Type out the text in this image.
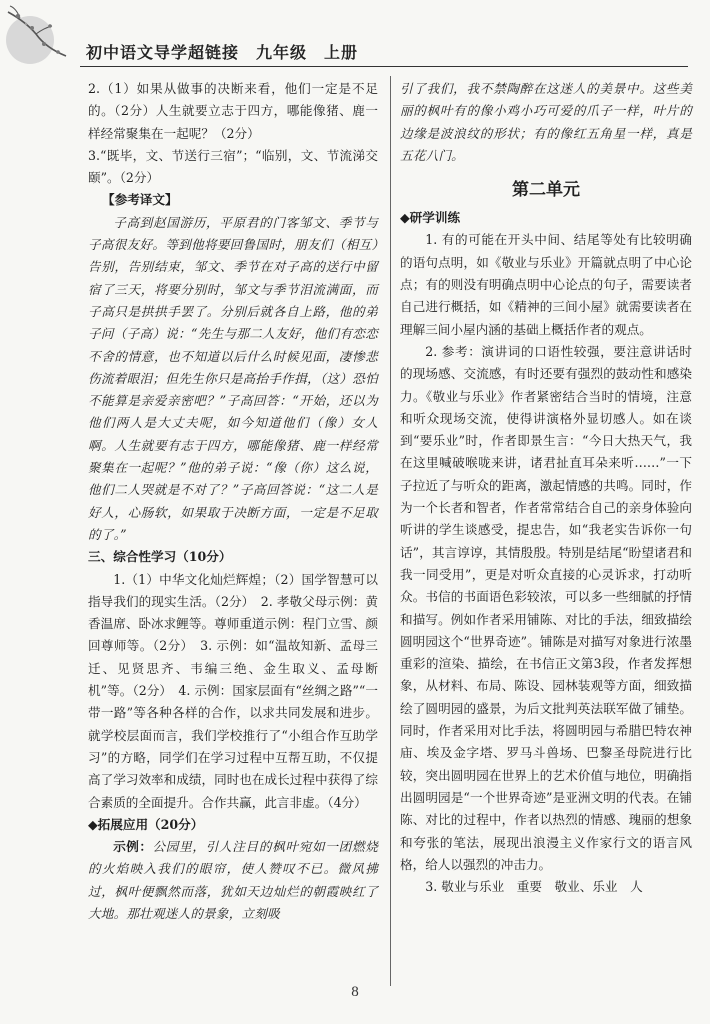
初中语文导学超链接　九年级　上册

2.（1）如果从做事的决断来看，他们一定是不足的。（2分）人生就要立志于四方，哪能像猪、鹿一样经常聚集在一起呢？（2分）

3.“既毕，文、节送行三宿”；“临别，文、节流涕交颐”。（2分）

【参考译文】

子高到赵国游历，平原君的门客邹文、季节与子高很友好。等到他将要回鲁国时，朋友们（相互）告别，告别结束，邹文、季节在对子高的送行中留宿了三天，将要分别时，邹文与季节泪流满面，而子高只是拱拱手罢了。分别后就各自上路，他的弟子问（子高）说：“先生与那二人友好，他们有恋恋不舍的情意，也不知道以后什么时候见面，凄惨悲伤流着眼泪；但先生你只是高抬手作揖，（这）恐怕不能算是亲爱亲密吧？”子高回答：“开始，还以为他们两人是大丈夫呢，如今知道他们（像）女人啊。人生就要有志于四方，哪能像猪、鹿一样经常聚集在一起呢？”他的弟子说：“像（你）这么说，他们二人哭就是不对了？”子高回答说：“这二人是好人，心肠软，如果取于决断方面，一定是不足取的了。”

三、综合性学习（10分）

1.（1）中华文化灿烂辉煌；（2）国学智慧可以指导我们的现实生活。（2分）　2. 孝敬父母示例：黄香温席、卧冰求鲤等。尊师重道示例：程门立雪、颜回尊师等。（2分）　3. 示例：如“温故知新、孟母三迁、见贤思齐、韦编三绝、金生取义、孟母断机”等。（2分）　4. 示例：国家层面有“丝绸之路”“一带一路”等各种各样的合作，以求共同发展和进步。就学校层面而言，我们学校推行了“小组合作互助学习”的方略，同学们在学习过程中互帮互助，不仅提高了学习效率和成绩，同时也在成长过程中获得了综合素质的全面提升。合作共赢，此言非虚。（4分）

◆拓展应用（20分）

示例：公园里，引人注目的枫叶宛如一团燃烧的火焰映入我们的眼帘，使人赞叹不已。微风拂过，枫叶便飘然而落，犹如天边灿烂的朝霞映红了大地。那壮观迷人的景象，立刻吸

引了我们，我不禁陶醉在这迷人的美景中。这些美丽的枫叶有的像小鸡小巧可爱的爪子一样，叶片的边缘是波浪纹的形状；有的像红五角星一样，真是五花八门。

第二单元

◆研学训练

1. 有的可能在开头中间、结尾等处有比较明确的语句点明，如《敬业与乐业》开篇就点明了中心论点；有的则没有明确点明中心论点的句子，需要读者自己进行概括，如《精神的三间小屋》就需要读者在理解三间小屋内涵的基础上概括作者的观点。

2. 参考：演讲词的口语性较强，要注意讲话时的现场感、交流感，有时还要有强烈的鼓动性和感染力。《敬业与乐业》作者紧密结合当时的情境，注意和听众现场交流，使得讲演格外显切感人。如在谈到“要乐业”时，作者即景生言：“今日大热天气，我在这里喊破喉咙来讲，诸君扯直耳朵来听……”一下子拉近了与听众的距离，激起情感的共鸣。同时，作为一个长者和智者，作者常常结合自己的亲身体验向听讲的学生谈感受，提忠告，如“我老实告诉你一句话”，其言谆谆，其情殷殷。特别是结尾“盼望诸君和我一同受用”，更是对听众直接的心灵诉求，打动听众。书信的书面语色彩较浓，可以多一些细腻的抒情和描写。例如作者采用铺陈、对比的手法，细致描绘圆明园这个“世界奇迹”。铺陈是对描写对象进行浓墨重彩的渲染、描绘，在书信正文第3段，作者发挥想象，从材料、布局、陈设、园林装观等方面，细致描绘了圆明园的盛景，为后文批判英法联军做了铺垫。同时，作者采用对比手法，将圆明园与希腊巴特农神庙、埃及金字塔、罗马斗兽场、巴黎圣母院进行比较，突出圆明园在世界上的艺术价值与地位，明确指出圆明园是“一个世界奇迹”是亚洲文明的代表。在铺陈、对比的过程中，作者以热烈的情感、瑰丽的想象和夸张的笔法，展现出浪漫主义作家行文的语言风格，给人以强烈的冲击力。

3. 敬业与乐业　重要　敬业、乐业　人

8
